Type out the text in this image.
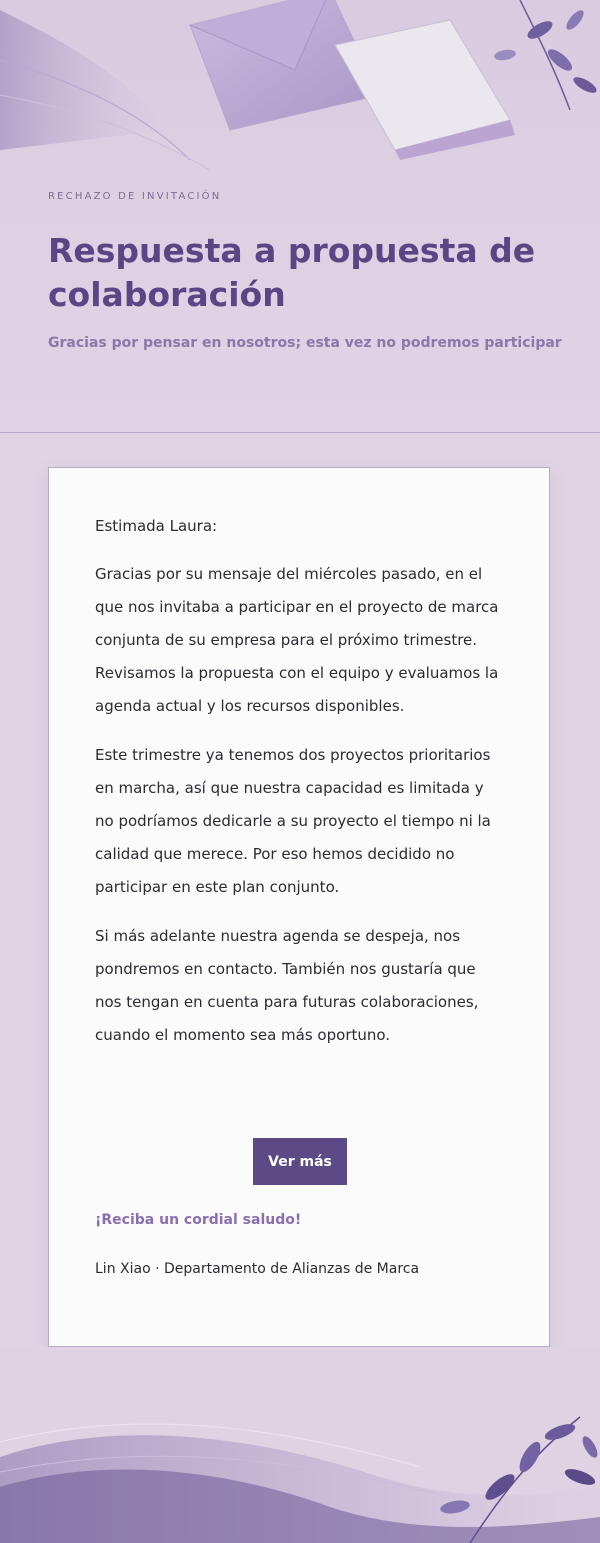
RECHAZO DE INVITACIÓN
Respuesta a propuesta de colaboración
Gracias por pensar en nosotros; esta vez no podremos participar

Estimada Laura:

Gracias por su mensaje del miércoles pasado, en el que nos invitaba a participar en el proyecto de marca conjunta de su empresa para el próximo trimestre. Revisamos la propuesta con el equipo y evaluamos la agenda actual y los recursos disponibles.

Este trimestre ya tenemos dos proyectos prioritarios en marcha, así que nuestra capacidad es limitada y no podríamos dedicarle a su proyecto el tiempo ni la calidad que merece. Por eso hemos decidido no participar en este plan conjunto.

Si más adelante nuestra agenda se despeja, nos pondremos en contacto. También nos gustaría que nos tengan en cuenta para futuras colaboraciones, cuando el momento sea más oportuno.

Ver más
¡Reciba un cordial saludo!
Lin Xiao · Departamento de Alianzas de Marca
